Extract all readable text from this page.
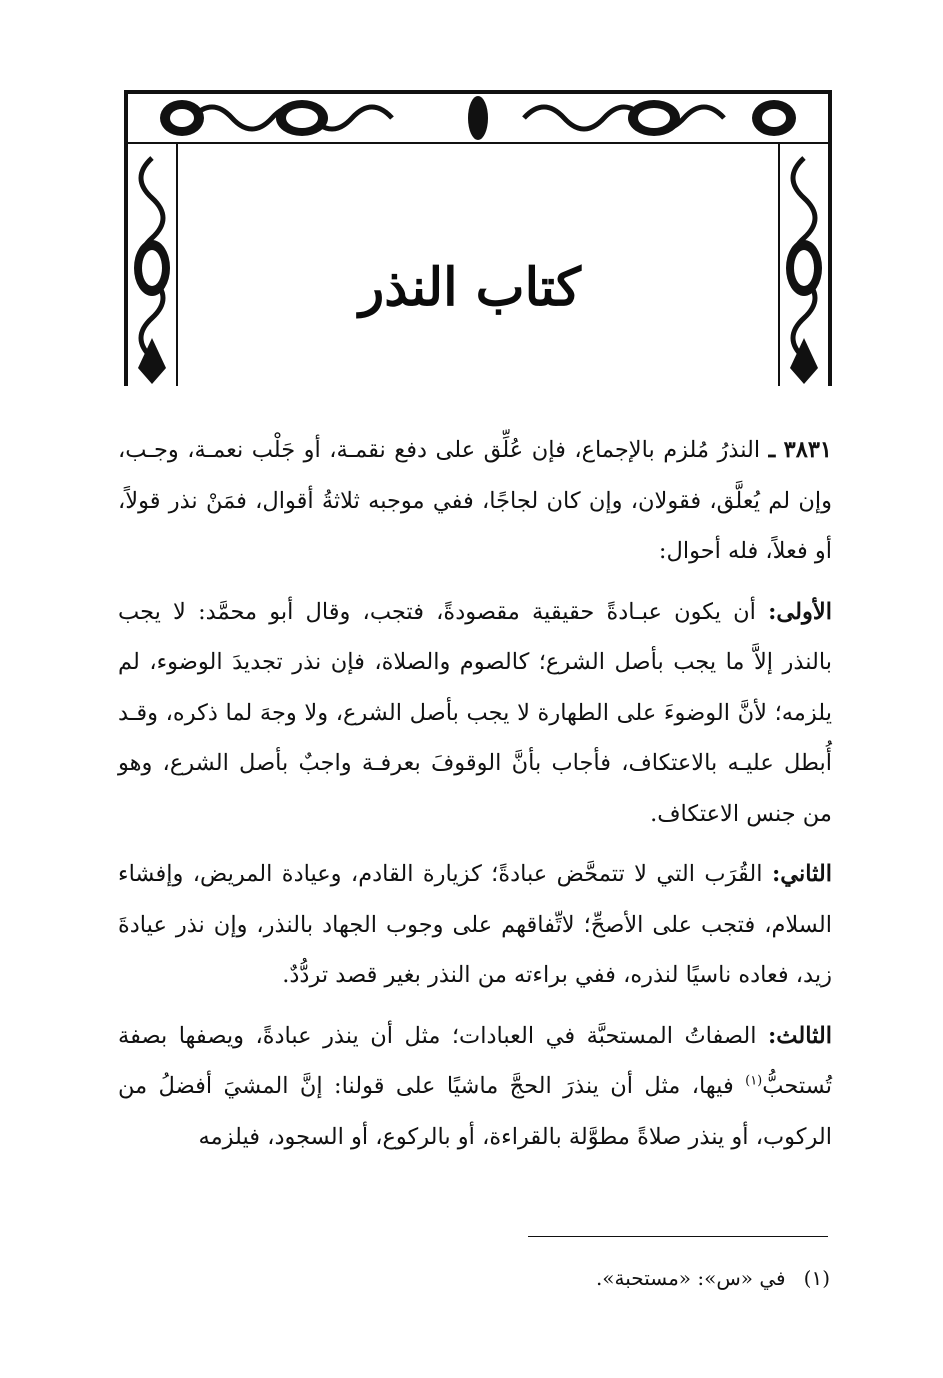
كتاب النذر

٣٨٣١ ـ النذرُ مُلزم بالإجماع، فإن عُلِّق على دفع نقمـة، أو جَلْب نعمـة، وجـب، وإن لم يُعلَّق، فقولان، وإن كان لجاجًا، ففي موجبه ثلاثةُ أقوال، فمَنْ نذر قولاً، أو فعلاً، فله أحوال:

الأولى: أن يكون عبـادةً حقيقية مقصودةً، فتجب، وقال أبو محمَّد: لا يجب بالنذر إلاَّ ما يجب بأصل الشرع؛ كالصوم والصلاة، فإن نذر تجديدَ الوضوء، لم يلزمه؛ لأنَّ الوضوءَ على الطهارة لا يجب بأصل الشرع، ولا وجهَ لما ذكره، وقـد أُبطل عليـه بالاعتكاف، فأجاب بأنَّ الوقوفَ بعرفـة واجبٌ بأصل الشرع، وهو من جنس الاعتكاف.

الثاني: القُرَب التي لا تتمحَّض عبادةً؛ كزيارة القادم، وعيادة المريض، وإفشاء السلام، فتجب على الأصحِّ؛ لاتِّفاقهم على وجوب الجهاد بالنذر، وإن نذر عيادةَ زيد، فعاده ناسيًا لنذره، ففي براءته من النذر بغير قصد تردُّدٌ.

الثالث: الصفاتُ المستحبَّة في العبادات؛ مثل أن ينذر عبادةً، ويصفها بصفة تُستحبُّ$^{(١)}$ فيها، مثل أن ينذرَ الحجَّ ماشيًا على قولنا: إنَّ المشيَ أفضلُ من الركوب، أو ينذر صلاةً مطوَّلة بالقراءة، أو بالركوع، أو السجود، فيلزمه

(١)في «س»: «مستحبة».
